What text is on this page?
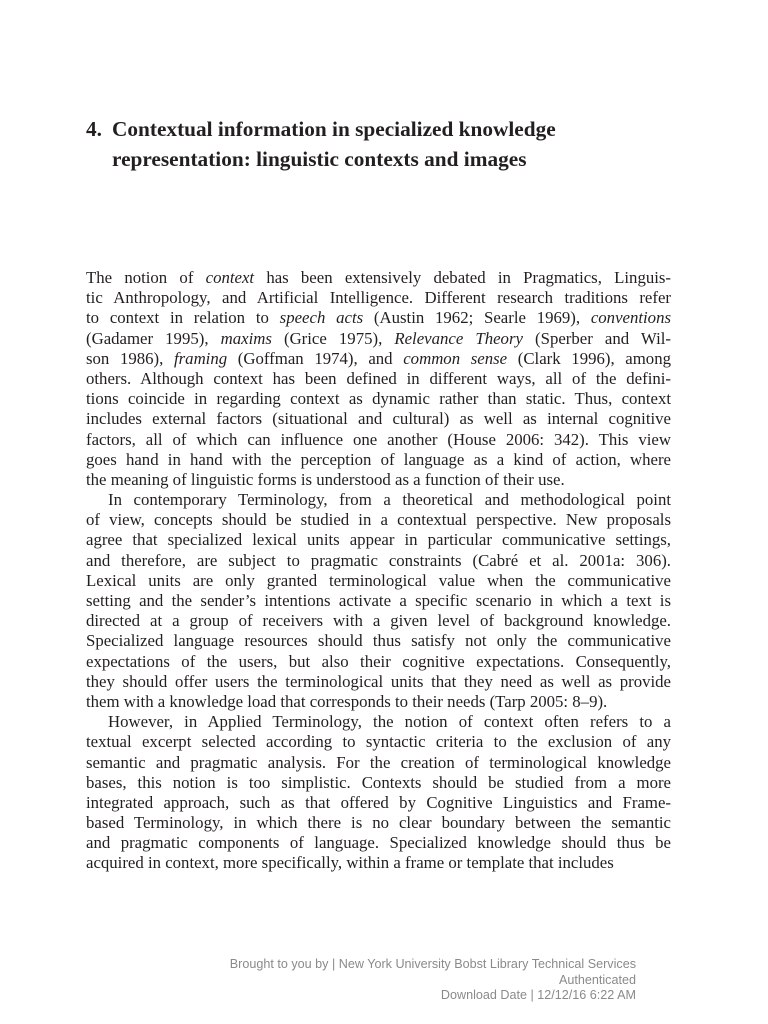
4. Contextual information in specialized knowledge
representation: linguistic contexts and images
The notion of context has been extensively debated in Pragmatics, Linguis-
tic Anthropology, and Artificial Intelligence. Different research traditions refer
to context in relation to speech acts (Austin 1962; Searle 1969), conventions
(Gadamer 1995), maxims (Grice 1975), Relevance Theory (Sperber and Wil-
son 1986), framing (Goffman 1974), and common sense (Clark 1996), among
others. Although context has been defined in different ways, all of the defini-
tions coincide in regarding context as dynamic rather than static. Thus, context
includes external factors (situational and cultural) as well as internal cognitive
factors, all of which can influence one another (House 2006: 342). This view
goes hand in hand with the perception of language as a kind of action, where
the meaning of linguistic forms is understood as a function of their use.
In contemporary Terminology, from a theoretical and methodological point
of view, concepts should be studied in a contextual perspective. New proposals
agree that specialized lexical units appear in particular communicative settings,
and therefore, are subject to pragmatic constraints (Cabré et al. 2001a: 306).
Lexical units are only granted terminological value when the communicative
setting and the sender’s intentions activate a specific scenario in which a text is
directed at a group of receivers with a given level of background knowledge.
Specialized language resources should thus satisfy not only the communicative
expectations of the users, but also their cognitive expectations. Consequently,
they should offer users the terminological units that they need as well as provide
them with a knowledge load that corresponds to their needs (Tarp 2005: 8–9).
However, in Applied Terminology, the notion of context often refers to a
textual excerpt selected according to syntactic criteria to the exclusion of any
semantic and pragmatic analysis. For the creation of terminological knowledge
bases, this notion is too simplistic. Contexts should be studied from a more
integrated approach, such as that offered by Cognitive Linguistics and Frame-
based Terminology, in which there is no clear boundary between the semantic
and pragmatic components of language. Specialized knowledge should thus be
acquired in context, more specifically, within a frame or template that includes
Brought to you by | New York University Bobst Library Technical Services
Authenticated
Download Date | 12/12/16 6:22 AM
